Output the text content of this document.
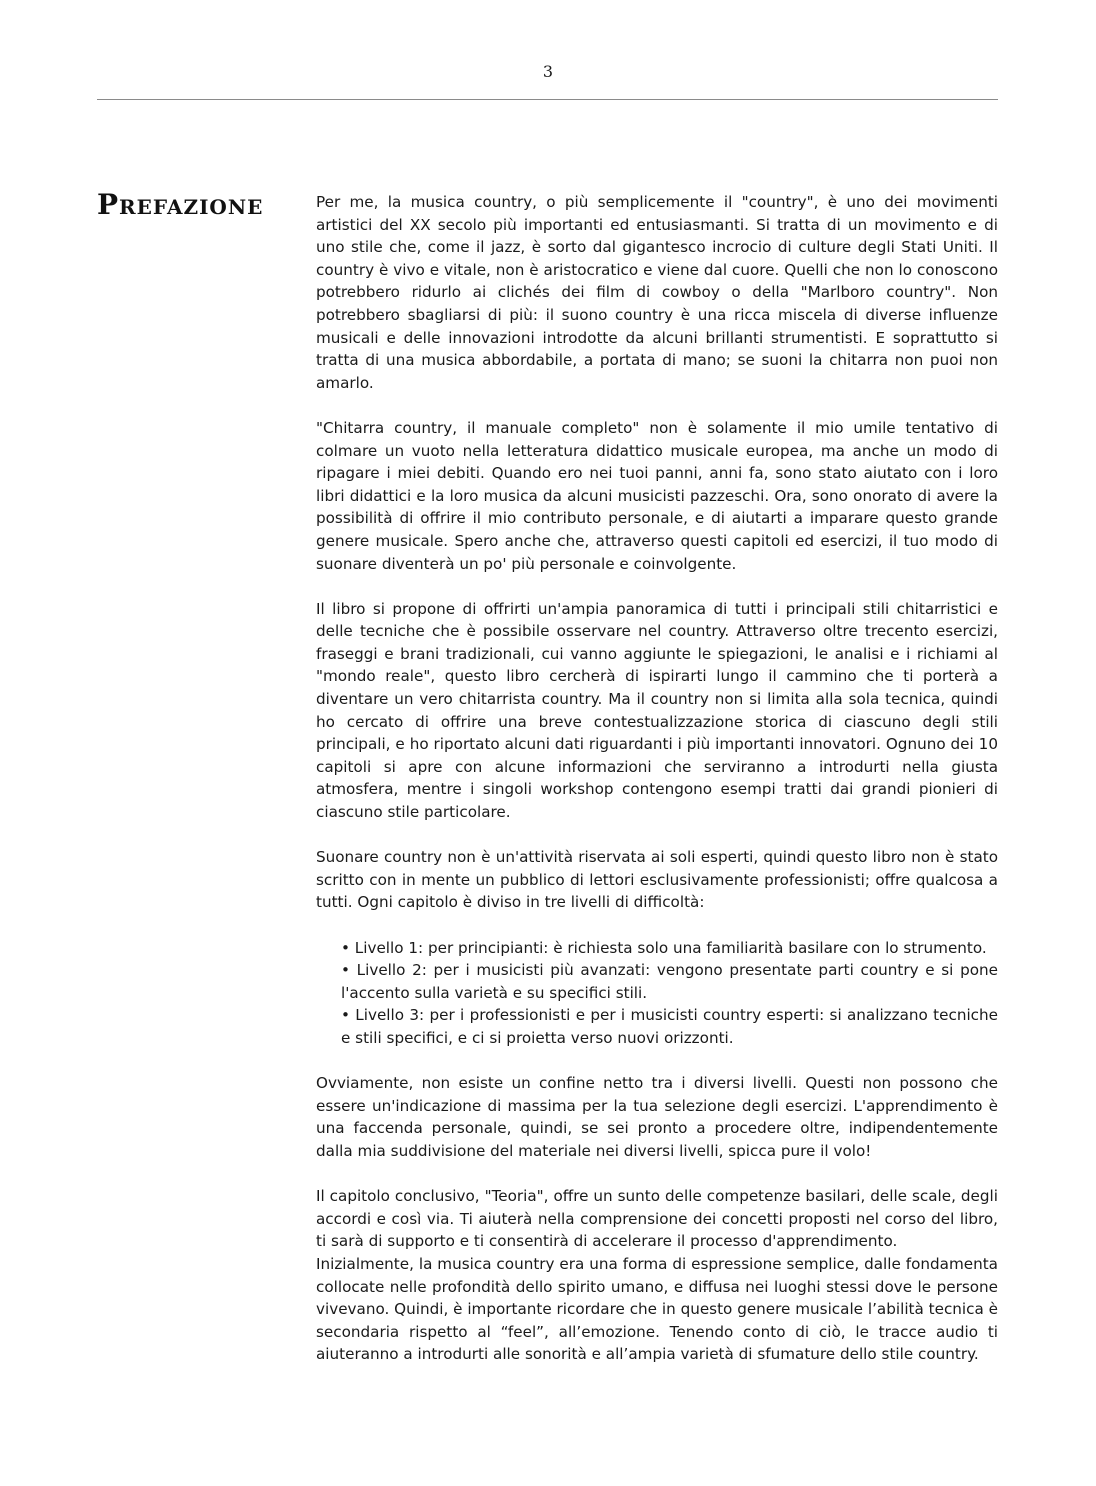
3
Prefazione	Per me, la musica country, o più semplicemente il "country", è uno dei movimenti artistici del XX secolo più importanti ed entusiasmanti. Si tratta di un movimento e di uno stile che, come il jazz, è sorto dal gigantesco incrocio di culture degli Stati Uniti. Il country è vivo e vitale, non è aristocratico e viene dal cuore. Quelli che non lo conoscono potrebbero ridurlo ai clichés dei film di cowboy o della "Marlboro country". Non potrebbero sbagliarsi di più: il suono country è una ricca miscela di diverse influenze musicali e delle innovazioni introdotte da alcuni brillanti strumentisti. E soprattutto si tratta di una musica abbordabile, a portata di mano; se suoni la chitarra non puoi non amarlo.

"Chitarra country, il manuale completo" non è solamente il mio umile tentativo di colmare un vuoto nella letteratura didattico musicale europea, ma anche un modo di ripagare i miei debiti. Quando ero nei tuoi panni, anni fa, sono stato aiutato con i loro libri didattici e la loro musica da alcuni musicisti pazzeschi. Ora, sono onorato di avere la possibilità di offrire il mio contributo personale, e di aiutarti a imparare questo grande genere musicale. Spero anche che, attraverso questi capitoli ed esercizi, il tuo modo di suonare diventerà un po' più personale e coinvolgente.

Il libro si propone di offrirti un'ampia panoramica di tutti i principali stili chitarristici e delle tecniche che è possibile osservare nel country. Attraverso oltre trecento esercizi, fraseggi e brani tradizionali, cui vanno aggiunte le spiegazioni, le analisi e i richiami al "mondo reale", questo libro cercherà di ispirarti lungo il cammino che ti porterà a diventare un vero chitarrista country. Ma il country non si limita alla sola tecnica, quindi ho cercato di offrire una breve contestualizzazione storica di ciascuno degli stili principali, e ho riportato alcuni dati riguardanti i più importanti innovatori. Ognuno dei 10 capitoli si apre con alcune informazioni che serviranno a introdurti nella giusta atmosfera, mentre i singoli workshop contengono esempi tratti dai grandi pionieri di ciascuno stile particolare.

Suonare country non è un'attività riservata ai soli esperti, quindi questo libro non è stato scritto con in mente un pubblico di lettori esclusivamente professionisti; offre qualcosa a tutti. Ogni capitolo è diviso in tre livelli di difficoltà:

• Livello 1: per principianti: è richiesta solo una familiarità basilare con lo strumento.
• Livello 2: per i musicisti più avanzati: vengono presentate parti country e si pone l'accento sulla varietà e su specifici stili.
• Livello 3: per i professionisti e per i musicisti country esperti: si analizzano tecniche e stili specifici, e ci si proietta verso nuovi orizzonti.

Ovviamente, non esiste un confine netto tra i diversi livelli. Questi non possono che essere un'indicazione di massima per la tua selezione degli esercizi. L'apprendimento è una faccenda personale, quindi, se sei pronto a procedere oltre, indipendentemente dalla mia suddivisione del materiale nei diversi livelli, spicca pure il volo!

Il capitolo conclusivo, "Teoria", offre un sunto delle competenze basilari, delle scale, degli accordi e così via. Ti aiuterà nella comprensione dei concetti proposti nel corso del libro, ti sarà di supporto e ti consentirà di accelerare il processo d'apprendimento.

Inizialmente, la musica country era una forma di espressione semplice, dalle fondamenta collocate nelle profondità dello spirito umano, e diffusa nei luoghi stessi dove le persone vivevano. Quindi, è importante ricordare che in questo genere musicale l’abilità tecnica è secondaria rispetto al “feel”, all’emozione. Tenendo conto di ciò, le tracce audio ti aiuteranno a introdurti alle sonorità e all’ampia varietà di sfumature dello stile country.
